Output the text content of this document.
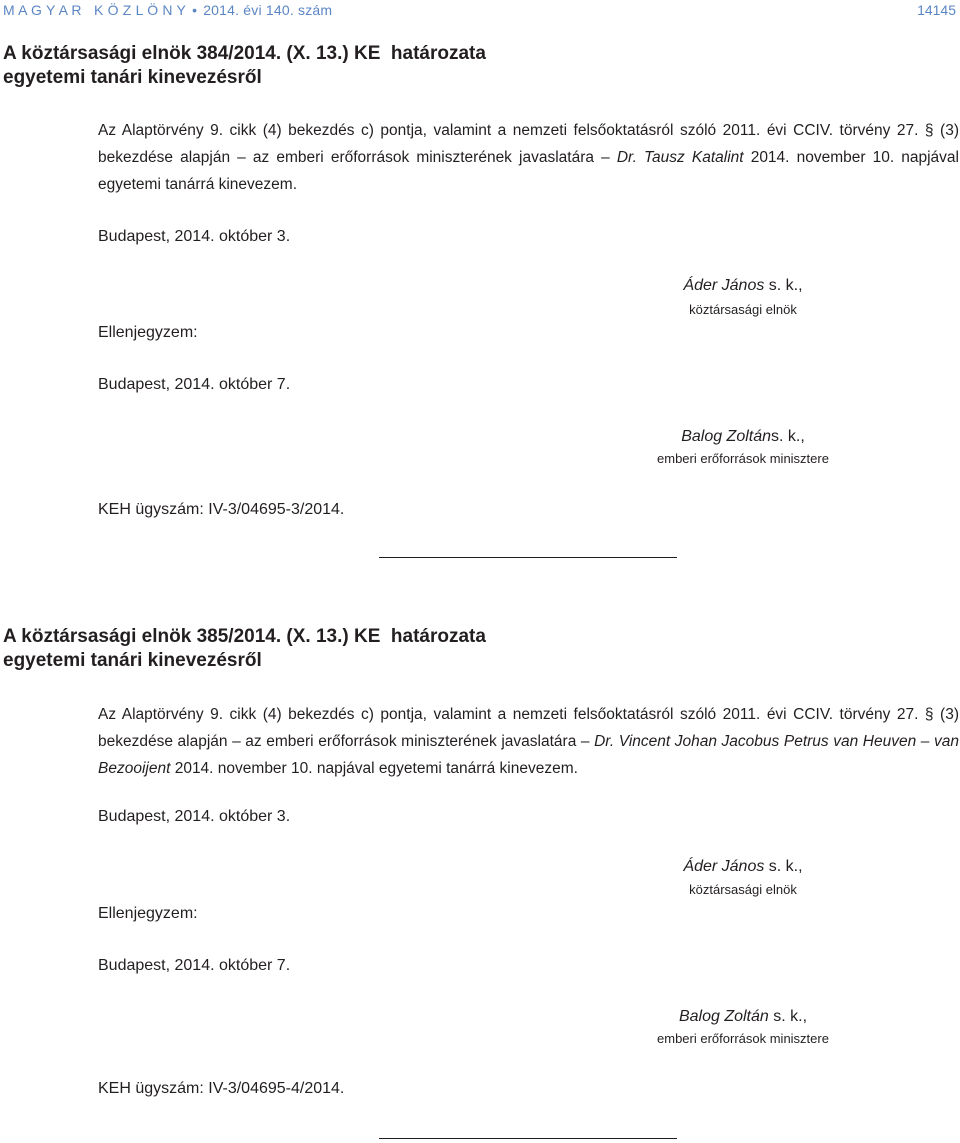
M A G Y A R   K Ö Z L Ö N Y • 2014. évi 140. szám	14145
A köztársasági elnök 384/2014. (X. 13.) KE  határozata
egyetemi tanári kinevezésről
Az Alaptörvény 9. cikk (4) bekezdés c) pontja, valamint a nemzeti felsőoktatásról szóló 2011. évi CCIV. törvény 27. § (3) bekezdése alapján – az emberi erőforrások miniszterének javaslatára – Dr. Tausz Katalint 2014. november 10. napjával egyetemi tanárrá kinevezem.
Budapest, 2014. október 3.
Áder János s. k.,
köztársasági elnök
Ellenjegyzem:
Budapest, 2014. október 7.
Balog Zoltáns. k.,
emberi erőforrások minisztere
KEH ügyszám: IV-3/04695-3/2014.
A köztársasági elnök 385/2014. (X. 13.) KE  határozata
egyetemi tanári kinevezésről
Az Alaptörvény 9. cikk (4) bekezdés c) pontja, valamint a nemzeti felsőoktatásról szóló 2011. évi CCIV. törvény 27. § (3) bekezdése alapján – az emberi erőforrások miniszterének javaslatára – Dr. Vincent Johan Jacobus Petrus van Heuven – van Bezooijent 2014. november 10. napjával egyetemi tanárrá kinevezem.
Budapest, 2014. október 3.
Áder János s. k.,
köztársasági elnök
Ellenjegyzem:
Budapest, 2014. október 7.
Balog Zoltán s. k.,
emberi erőforrások minisztere
KEH ügyszám: IV-3/04695-4/2014.
